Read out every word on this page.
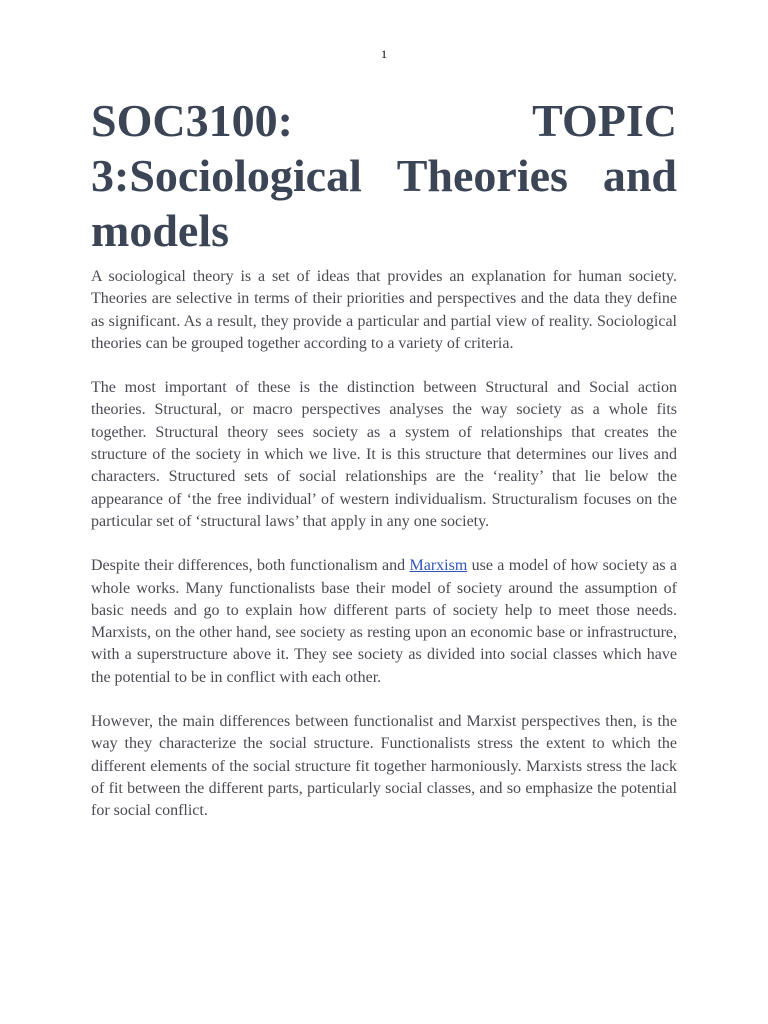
1
SOC3100:	TOPIC
3:Sociological Theories and
models

A sociological theory is a set of ideas that provides an explanation for human society. Theories are selective in terms of their priorities and perspectives and the data they define as significant. As a result, they provide a particular and partial view of reality. Sociological theories can be grouped together according to a variety of criteria.

The most important of these is the distinction between Structural and Social action theories. Structural, or macro perspectives analyses the way society as a whole fits together. Structural theory sees society as a system of relationships that creates the structure of the society in which we live. It is this structure that determines our lives and characters. Structured sets of social relationships are the ‘reality’ that lie below the appearance of ‘the free individual’ of western individualism. Structuralism focuses on the particular set of ‘structural laws’ that apply in any one society.

Despite their differences, both functionalism and Marxism use a model of how society as a whole works. Many functionalists base their model of society around the assumption of basic needs and go to explain how different parts of society help to meet those needs. Marxists, on the other hand, see society as resting upon an economic base or infrastructure, with a superstructure above it. They see society as divided into social classes which have the potential to be in conflict with each other.

However, the main differences between functionalist and Marxist perspectives then, is the way they characterize the social structure. Functionalists stress the extent to which the different elements of the social structure fit together harmoniously. Marxists stress the lack of fit between the different parts, particularly social classes, and so emphasize the potential for social conflict.
